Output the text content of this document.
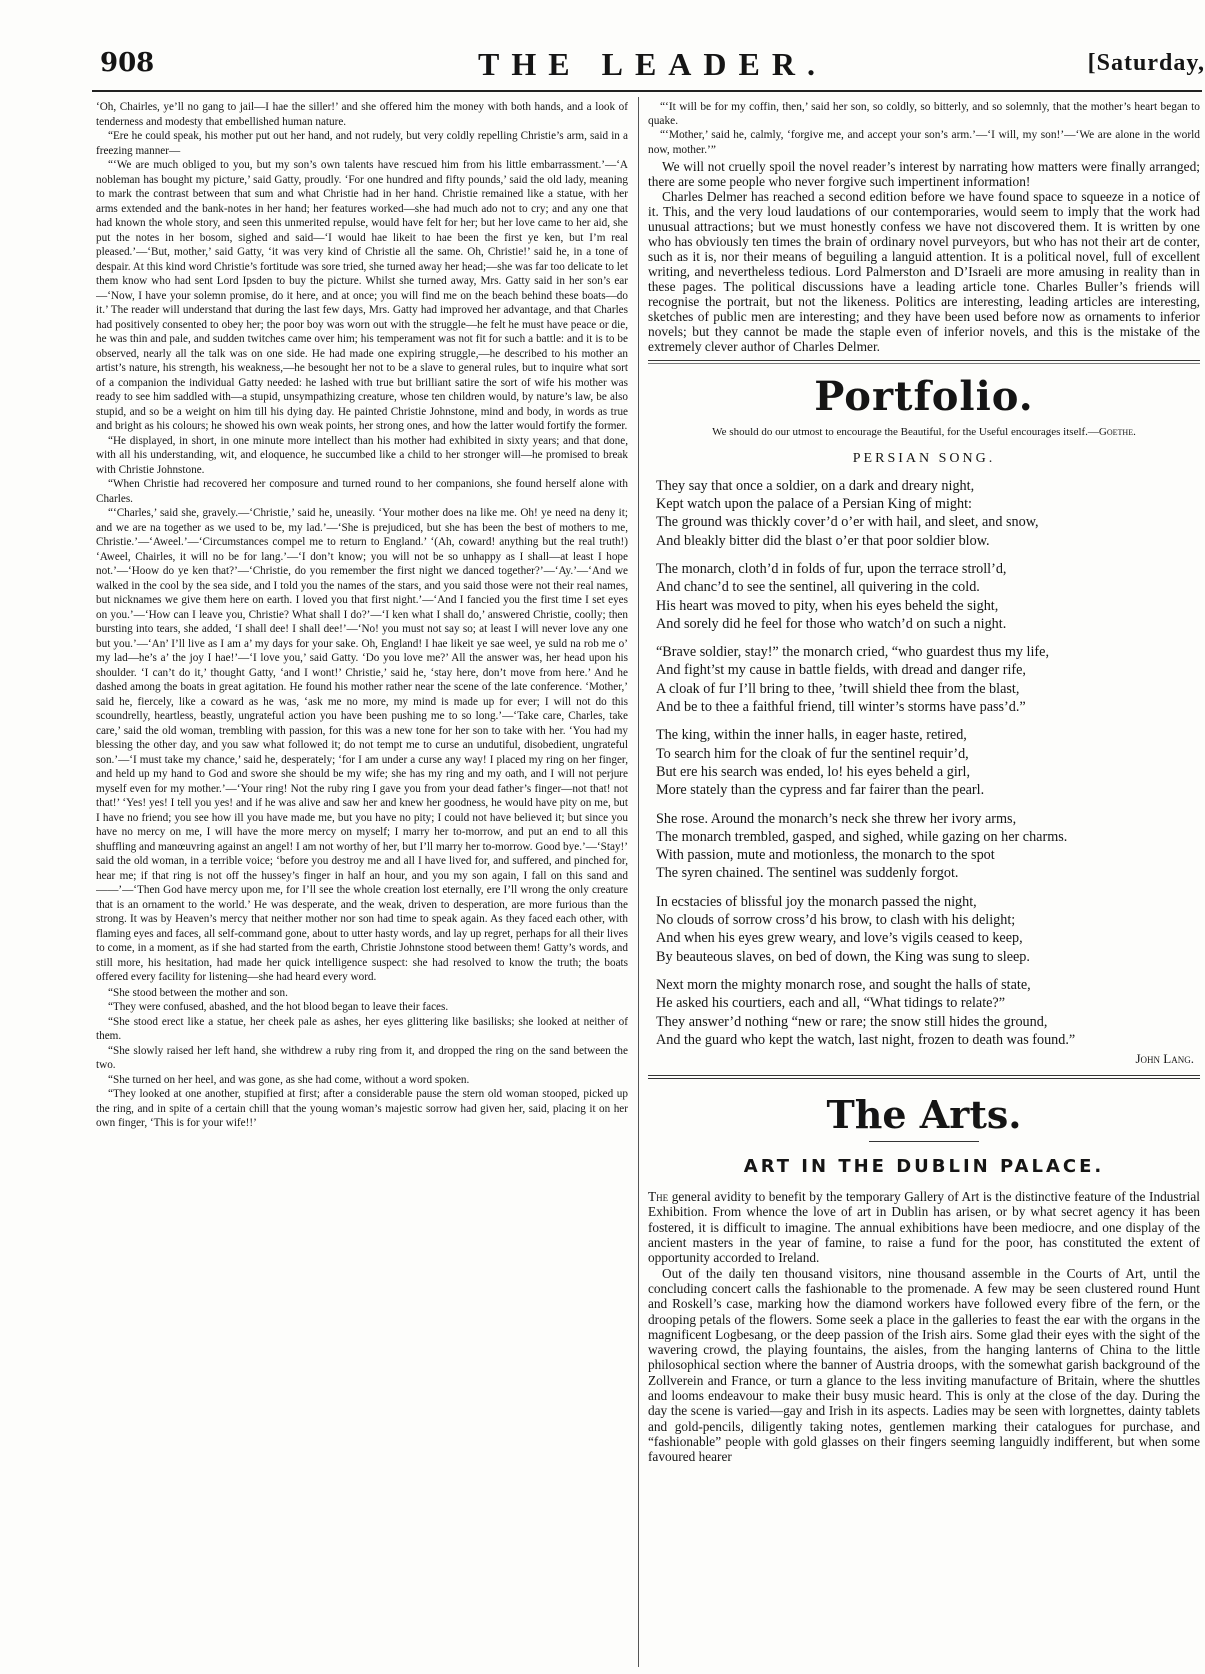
908	THE LEADER.	[Saturday,

‘Oh, Chairles, ye’ll no gang to jail—I hae the siller!’ and she offered him the money with both hands, and a look of tenderness and modesty that embellished human nature.

“Ere he could speak, his mother put out her hand, and not rudely, but very coldly repelling Christie’s arm, said in a freezing manner—

“‘We are much obliged to you, but my son’s own talents have rescued him from his little embarrassment.’—‘A nobleman has bought my picture,’ said Gatty, proudly. ‘For one hundred and fifty pounds,’ said the old lady, meaning to mark the contrast between that sum and what Christie had in her hand. Christie remained like a statue, with her arms extended and the bank-notes in her hand; her features worked—she had much ado not to cry; and any one that had known the whole story, and seen this unmerited repulse, would have felt for her; but her love came to her aid, she put the notes in her bosom, sighed and said—‘I would hae likeit to hae been the first ye ken, but I’m real pleased.’—‘But, mother,’ said Gatty, ‘it was very kind of Christie all the same. Oh, Christie!’ said he, in a tone of despair. At this kind word Christie’s fortitude was sore tried, she turned away her head;—she was far too delicate to let them know who had sent Lord Ipsden to buy the picture. Whilst she turned away, Mrs. Gatty said in her son’s ear—‘Now, I have your solemn promise, do it here, and at once; you will find me on the beach behind these boats—do it.’ The reader will understand that during the last few days, Mrs. Gatty had improved her advantage, and that Charles had positively consented to obey her; the poor boy was worn out with the struggle—he felt he must have peace or die, he was thin and pale, and sudden twitches came over him; his temperament was not fit for such a battle: and it is to be observed, nearly all the talk was on one side. He had made one expiring struggle,—he described to his mother an artist’s nature, his strength, his weakness,—he besought her not to be a slave to general rules, but to inquire what sort of a companion the individual Gatty needed: he lashed with true but brilliant satire the sort of wife his mother was ready to see him saddled with—a stupid, unsympathizing creature, whose ten children would, by nature’s law, be also stupid, and so be a weight on him till his dying day. He painted Christie Johnstone, mind and body, in words as true and bright as his colours; he showed his own weak points, her strong ones, and how the latter would fortify the former.

“He displayed, in short, in one minute more intellect than his mother had exhibited in sixty years; and that done, with all his understanding, wit, and eloquence, he succumbed like a child to her stronger will—he promised to break with Christie Johnstone.

“When Christie had recovered her composure and turned round to her companions, she found herself alone with Charles.

“‘Charles,’ said she, gravely.—‘Christie,’ said he, uneasily. ‘Your mother does na like me. Oh! ye need na deny it; and we are na together as we used to be, my lad.’—‘She is prejudiced, but she has been the best of mothers to me, Christie.’—‘Aweel.’—‘Circumstances compel me to return to England.’ ‘(Ah, coward! anything but the real truth!) ‘Aweel, Chairles, it will no be for lang.’—‘I don’t know; you will not be so unhappy as I shall—at least I hope not.’—‘Hoow do ye ken that?’—‘Christie, do you remember the first night we danced together?’—‘Ay.’—‘And we walked in the cool by the sea side, and I told you the names of the stars, and you said those were not their real names, but nicknames we give them here on earth. I loved you that first night.’—‘And I fancied you the first time I set eyes on you.’—‘How can I leave you, Christie? What shall I do?’—‘I ken what I shall do,’ answered Christie, coolly; then bursting into tears, she added, ‘I shall dee! I shall dee!’—‘No! you must not say so; at least I will never love any one but you.’—‘An’ I’ll live as I am a’ my days for your sake. Oh, England! I hae likeit ye sae weel, ye suld na rob me o’ my lad—he’s a’ the joy I hae!’—‘I love you,’ said Gatty. ‘Do you love me?’ All the answer was, her head upon his shoulder. ‘I can’t do it,’ thought Gatty, ‘and I wont!’ Christie,’ said he, ‘stay here, don’t move from here.’ And he dashed among the boats in great agitation. He found his mother rather near the scene of the late conference. ‘Mother,’ said he, fiercely, like a coward as he was, ‘ask me no more, my mind is made up for ever; I will not do this scoundrelly, heartless, beastly, ungrateful action you have been pushing me to so long.’—‘Take care, Charles, take care,’ said the old woman, trembling with passion, for this was a new tone for her son to take with her. ‘You had my blessing the other day, and you saw what followed it; do not tempt me to curse an undutiful, disobedient, ungrateful son.’—‘I must take my chance,’ said he, desperately; ‘for I am under a curse any way! I placed my ring on her finger, and held up my hand to God and swore she should be my wife; she has my ring and my oath, and I will not perjure myself even for my mother.’—‘Your ring! Not the ruby ring I gave you from your dead father’s finger—not that! not that!’ ‘Yes! yes! I tell you yes! and if he was alive and saw her and knew her goodness, he would have pity on me, but I have no friend; you see how ill you have made me, but you have no pity; I could not have believed it; but since you have no mercy on me, I will have the more mercy on myself; I marry her to-morrow, and put an end to all this shuffling and manœuvring against an angel! I am not worthy of her, but I’ll marry her to-morrow. Good bye.’—‘Stay!’ said the old woman, in a terrible voice; ‘before you destroy me and all I have lived for, and suffered, and pinched for, hear me; if that ring is not off the hussey’s finger in half an hour, and you my son again, I fall on this sand and ——’—‘Then God have mercy upon me, for I’ll see the whole creation lost eternally, ere I’ll wrong the only creature that is an ornament to the world.’ He was desperate, and the weak, driven to desperation, are more furious than the strong. It was by Heaven’s mercy that neither mother nor son had time to speak again. As they faced each other, with flaming eyes and faces, all self-command gone, about to utter hasty words, and lay up regret, perhaps for all their lives to come, in a moment, as if she had started from the earth, Christie Johnstone stood between them! Gatty’s words, and still more, his hesitation, had made her quick intelligence suspect: she had resolved to know the truth; the boats offered every facility for listening—she had heard every word.

“She stood between the mother and son.

“They were confused, abashed, and the hot blood began to leave their faces.

“She stood erect like a statue, her cheek pale as ashes, her eyes glittering like basilisks; she looked at neither of them.

“She slowly raised her left hand, she withdrew a ruby ring from it, and dropped the ring on the sand between the two.

“She turned on her heel, and was gone, as she had come, without a word spoken.

“They looked at one another, stupified at first; after a considerable pause the stern old woman stooped, picked up the ring, and in spite of a certain chill that the young woman’s majestic sorrow had given her, said, placing it on her own finger, ‘This is for your wife!!’

“‘It will be for my coffin, then,’ said her son, so coldly, so bitterly, and so solemnly, that the mother’s heart began to quake.

“‘Mother,’ said he, calmly, ‘forgive me, and accept your son’s arm.’—‘I will, my son!’—‘We are alone in the world now, mother.’”

We will not cruelly spoil the novel reader’s interest by narrating how matters were finally arranged; there are some people who never forgive such impertinent information!

Charles Delmer has reached a second edition before we have found space to squeeze in a notice of it. This, and the very loud laudations of our contemporaries, would seem to imply that the work had unusual attractions; but we must honestly confess we have not discovered them. It is written by one who has obviously ten times the brain of ordinary novel purveyors, but who has not their art de conter, such as it is, nor their means of beguiling a languid attention. It is a political novel, full of excellent writing, and nevertheless tedious. Lord Palmerston and D’Israeli are more amusing in reality than in these pages. The political discussions have a leading article tone. Charles Buller’s friends will recognise the portrait, but not the likeness. Politics are interesting, leading articles are interesting, sketches of public men are interesting; and they have been used before now as ornaments to inferior novels; but they cannot be made the staple even of inferior novels, and this is the mistake of the extremely clever author of Charles Delmer.

Portfolio.
We should do our utmost to encourage the Beautiful, for the Useful encourages itself.—Goethe.
PERSIAN SONG.
They say that once a soldier, on a dark and dreary night,
Kept watch upon the palace of a Persian King of might:
The ground was thickly cover’d o’er with hail, and sleet, and snow,
And bleakly bitter did the blast o’er that poor soldier blow.
The monarch, cloth’d in folds of fur, upon the terrace stroll’d,
And chanc’d to see the sentinel, all quivering in the cold.
His heart was moved to pity, when his eyes beheld the sight,
And sorely did he feel for those who watch’d on such a night.
“Brave soldier, stay!” the monarch cried, “who guardest thus my life,
And fight’st my cause in battle fields, with dread and danger rife,
A cloak of fur I’ll bring to thee, ’twill shield thee from the blast,
And be to thee a faithful friend, till winter’s storms have pass’d.”
The king, within the inner halls, in eager haste, retired,
To search him for the cloak of fur the sentinel requir’d,
But ere his search was ended, lo! his eyes beheld a girl,
More stately than the cypress and far fairer than the pearl.
She rose. Around the monarch’s neck she threw her ivory arms,
The monarch trembled, gasped, and sighed, while gazing on her charms.
With passion, mute and motionless, the monarch to the spot
The syren chained. The sentinel was suddenly forgot.
In ecstacies of blissful joy the monarch passed the night,
No clouds of sorrow cross’d his brow, to clash with his delight;
And when his eyes grew weary, and love’s vigils ceased to keep,
By beauteous slaves, on bed of down, the King was sung to sleep.
Next morn the mighty monarch rose, and sought the halls of state,
He asked his courtiers, each and all, “What tidings to relate?”
They answer’d nothing “new or rare; the snow still hides the ground,
And the guard who kept the watch, last night, frozen to death was found.”
John Lang.
The Arts.
ART IN THE DUBLIN PALACE.

The general avidity to benefit by the temporary Gallery of Art is the distinctive feature of the Industrial Exhibition. From whence the love of art in Dublin has arisen, or by what secret agency it has been fostered, it is difficult to imagine. The annual exhibitions have been mediocre, and one display of the ancient masters in the year of famine, to raise a fund for the poor, has constituted the extent of opportunity accorded to Ireland.

Out of the daily ten thousand visitors, nine thousand assemble in the Courts of Art, until the concluding concert calls the fashionable to the promenade. A few may be seen clustered round Hunt and Roskell’s case, marking how the diamond workers have followed every fibre of the fern, or the drooping petals of the flowers. Some seek a place in the galleries to feast the ear with the organs in the magnificent Logbesang, or the deep passion of the Irish airs. Some glad their eyes with the sight of the wavering crowd, the playing fountains, the aisles, from the hanging lanterns of China to the little philosophical section where the banner of Austria droops, with the somewhat garish background of the Zollverein and France, or turn a glance to the less inviting manufacture of Britain, where the shuttles and looms endeavour to make their busy music heard. This is only at the close of the day. During the day the scene is varied—gay and Irish in its aspects. Ladies may be seen with lorgnettes, dainty tablets and gold-pencils, diligently taking notes, gentlemen marking their catalogues for purchase, and “fashionable” people with gold glasses on their fingers seeming languidly indifferent, but when some favoured hearer
